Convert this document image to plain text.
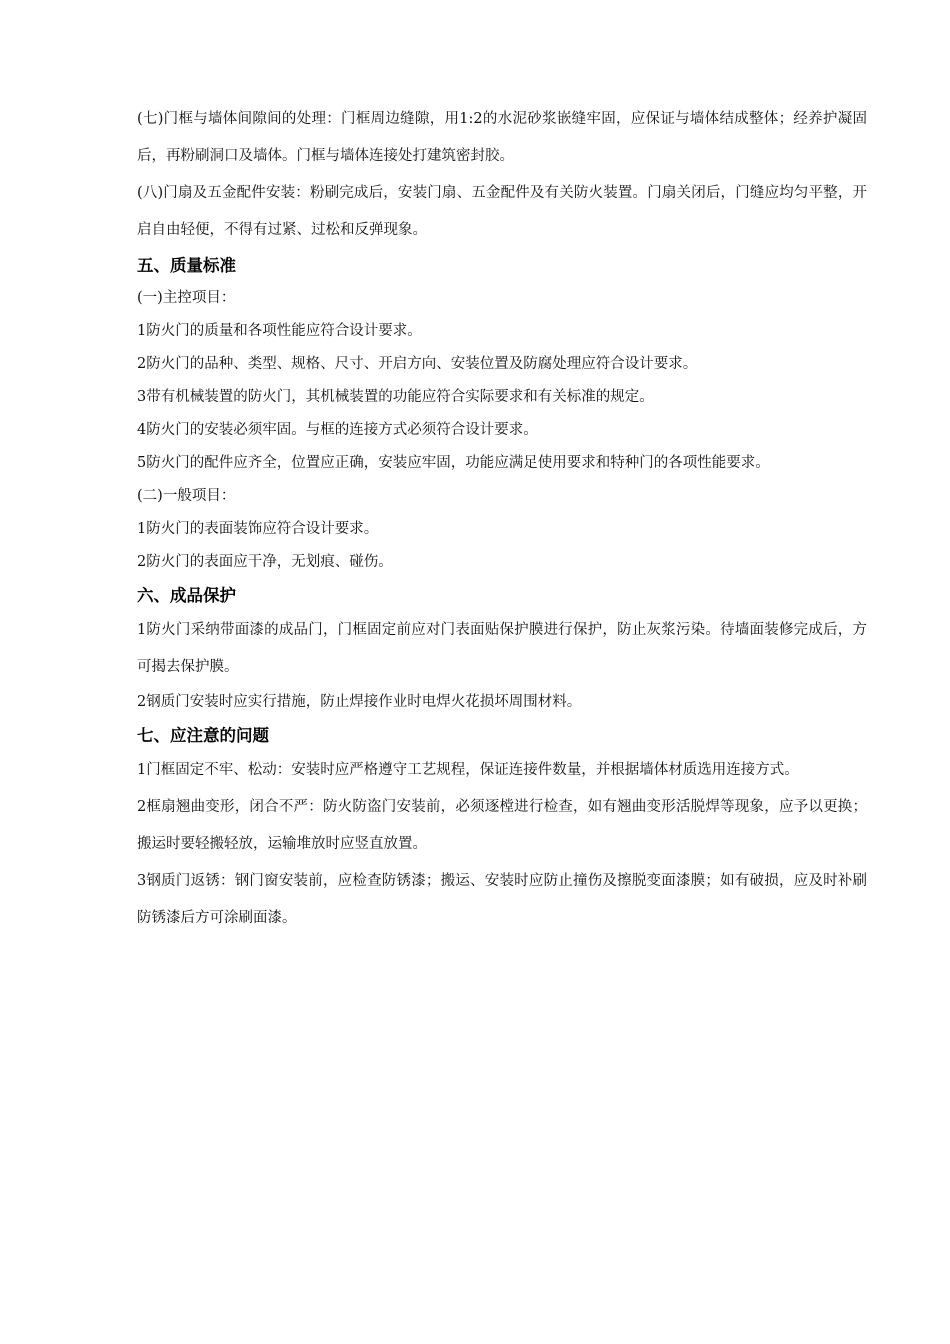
(七)门框与墙体间隙间的处理：门框周边缝隙，用1:2的水泥砂浆嵌缝牢固，应保证与墙体结成整体；经养护凝固后，再粉刷洞口及墙体。门框与墙体连接处打建筑密封胶。

(八)门扇及五金配件安装：粉刷完成后，安装门扇、五金配件及有关防火装置。门扇关闭后，门缝应均匀平整，开启自由轻便，不得有过紧、过松和反弹现象。

五、质量标准

(一)主控项目：

1防火门的质量和各项性能应符合设计要求。

2防火门的品种、类型、规格、尺寸、开启方向、安装位置及防腐处理应符合设计要求。

3带有机械装置的防火门，其机械装置的功能应符合实际要求和有关标准的规定。

4防火门的安装必须牢固。与框的连接方式必须符合设计要求。

5防火门的配件应齐全，位置应正确，安装应牢固，功能应满足使用要求和特种门的各项性能要求。

(二)一般项目：

1防火门的表面装饰应符合设计要求。

2防火门的表面应干净，无划痕、碰伤。

六、成品保护

1防火门采纳带面漆的成品门，门框固定前应对门表面贴保护膜进行保护，防止灰浆污染。待墙面装修完成后，方可揭去保护膜。

2钢质门安装时应实行措施，防止焊接作业时电焊火花损坏周围材料。

七、应注意的问题

1门框固定不牢、松动：安装时应严格遵守工艺规程，保证连接件数量，并根据墙体材质选用连接方式。

2框扇翘曲变形，闭合不严：防火防盗门安装前，必须逐樘进行检查，如有翘曲变形活脱焊等现象，应予以更换；搬运时要轻搬轻放，运输堆放时应竖直放置。

3钢质门返锈：钢门窗安装前，应检查防锈漆；搬运、安装时应防止撞伤及擦脱变面漆膜；如有破损，应及时补刷防锈漆后方可涂刷面漆。
